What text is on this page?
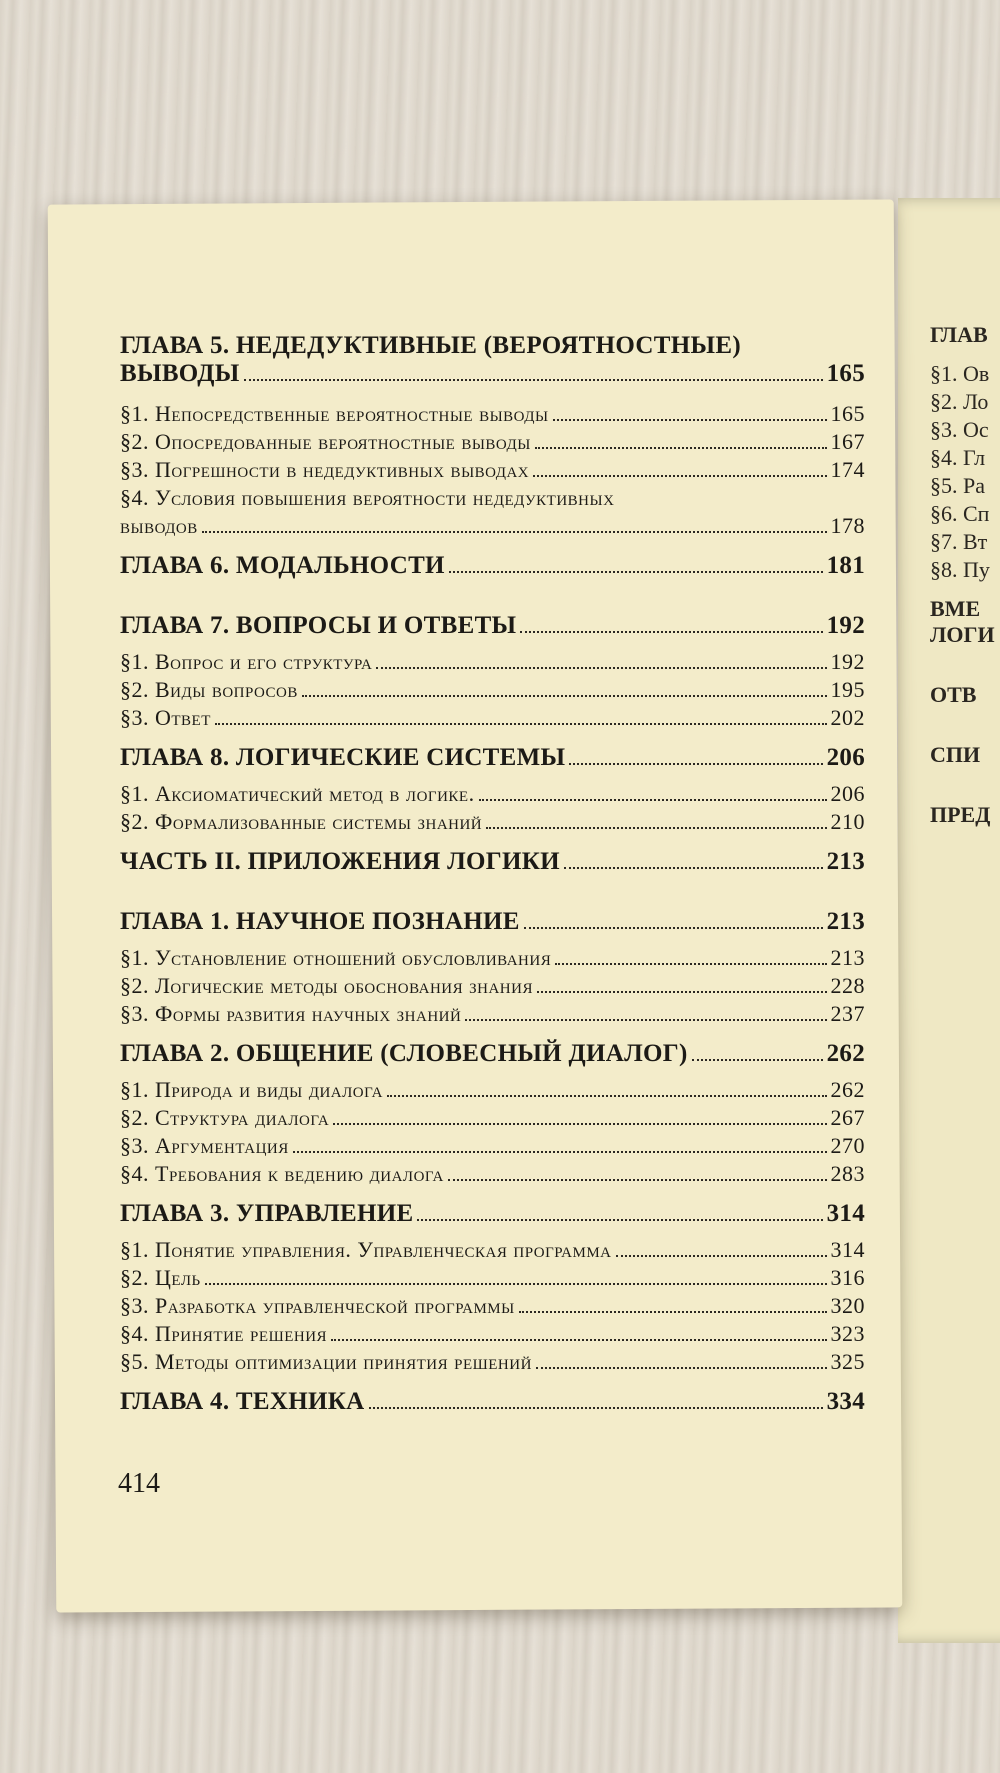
ГЛАВА 5. НЕДЕДУКТИВНЫЕ (ВЕРОЯТНОСТНЫЕ)
ВЫВОДЫ	165
§1. Непосредственные вероятностные выводы	165
§2. Опосредованные вероятностные выводы	167
§3. Погрешности в недедуктивных выводах	174
§4. Условия повышения вероятности недедуктивных
выводов	178
ГЛАВА 6. МОДАЛЬНОСТИ	181
ГЛАВА 7. ВОПРОСЫ И ОТВЕТЫ	192
§1. Вопрос и его структура	192
§2. Виды вопросов	195
§3. Ответ	202
ГЛАВА 8. ЛОГИЧЕСКИЕ СИСТЕМЫ	206
§1. Аксиоматический метод в логике.	206
§2. Формализованные системы знаний	210
ЧАСТЬ II. ПРИЛОЖЕНИЯ ЛОГИКИ	213
ГЛАВА 1. НАУЧНОЕ ПОЗНАНИЕ	213
§1. Установление отношений обусловливания	213
§2. Логические методы обоснования знания	228
§3. Формы развития научных знаний	237
ГЛАВА 2. ОБЩЕНИЕ (СЛОВЕСНЫЙ ДИАЛОГ)	262
§1. Природа и виды диалога	262
§2. Структура диалога	267
§3. Аргументация	270
§4. Требования к ведению диалога	283
ГЛАВА 3. УПРАВЛЕНИЕ	314
§1. Понятие управления. Управленческая программа	314
§2. Цель	316
§3. Разработка управленческой программы	320
§4. Принятие решения	323
§5. Методы оптимизации принятия решений	325
ГЛАВА 4. ТЕХНИКА	334
414
ГЛАВ
§1. Ов
§2. Ло
§3. Ос
§4. Гл
§5. Ра
§6. Сп
§7. Вт
§8. Пу
ВМЕ
ЛОГИ
ОТВ
СПИ
ПРЕД
